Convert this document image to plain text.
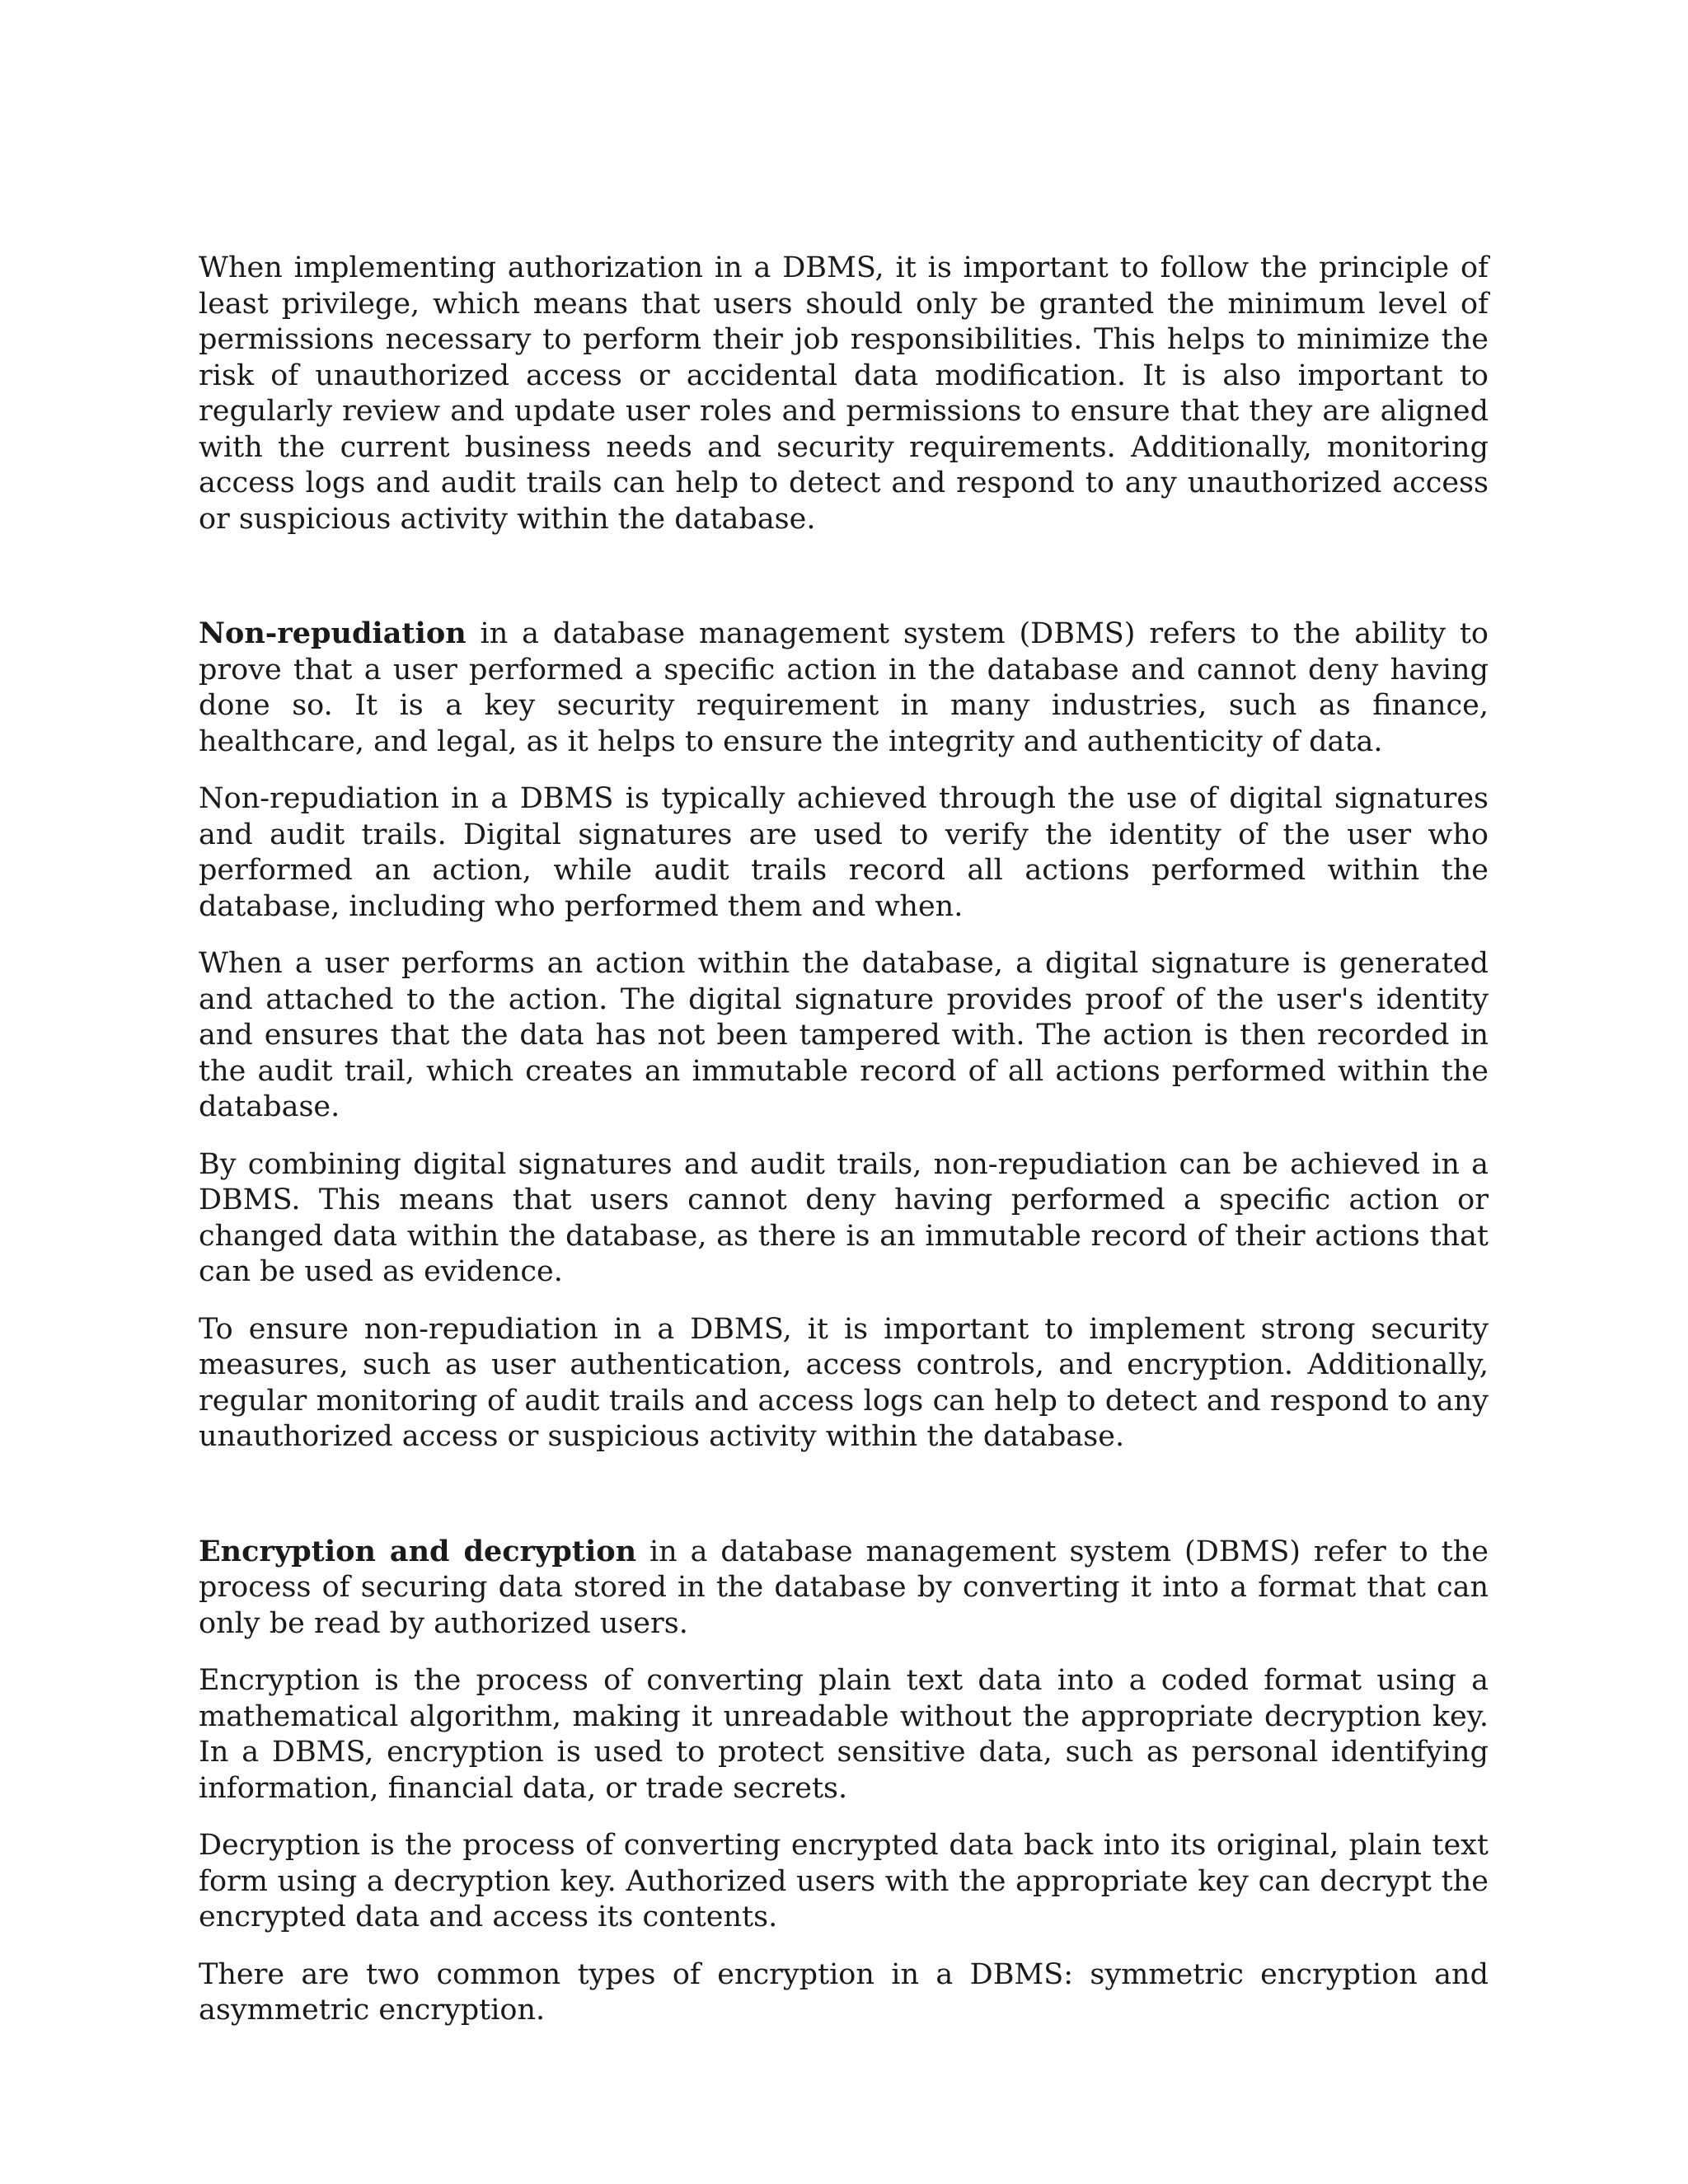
When implementing authorization in a DBMS, it is important to follow the principle of least privilege, which means that users should only be granted the minimum level of permissions necessary to perform their job responsibilities. This helps to minimize the risk of unauthorized access or accidental data modification. It is also important to regularly review and update user roles and permissions to ensure that they are aligned with the current business needs and security requirements. Additionally, monitoring access logs and audit trails can help to detect and respond to any unauthorized access or suspicious activity within the database.

Non-repudiation in a database management system (DBMS) refers to the ability to prove that a user performed a specific action in the database and cannot deny having done so. It is a key security requirement in many industries, such as finance, healthcare, and legal, as it helps to ensure the integrity and authenticity of data.

Non-repudiation in a DBMS is typically achieved through the use of digital signatures and audit trails. Digital signatures are used to verify the identity of the user who performed an action, while audit trails record all actions performed within the database, including who performed them and when.

When a user performs an action within the database, a digital signature is generated and attached to the action. The digital signature provides proof of the user's identity and ensures that the data has not been tampered with. The action is then recorded in the audit trail, which creates an immutable record of all actions performed within the database.

By combining digital signatures and audit trails, non-repudiation can be achieved in a DBMS. This means that users cannot deny having performed a specific action or changed data within the database, as there is an immutable record of their actions that can be used as evidence.

To ensure non-repudiation in a DBMS, it is important to implement strong security measures, such as user authentication, access controls, and encryption. Additionally, regular monitoring of audit trails and access logs can help to detect and respond to any unauthorized access or suspicious activity within the database.

Encryption and decryption in a database management system (DBMS) refer to the process of securing data stored in the database by converting it into a format that can only be read by authorized users.

Encryption is the process of converting plain text data into a coded format using a mathematical algorithm, making it unreadable without the appropriate decryption key. In a DBMS, encryption is used to protect sensitive data, such as personal identifying information, financial data, or trade secrets.

Decryption is the process of converting encrypted data back into its original, plain text form using a decryption key. Authorized users with the appropriate key can decrypt the encrypted data and access its contents.

There are two common types of encryption in a DBMS: symmetric encryption and asymmetric encryption.
